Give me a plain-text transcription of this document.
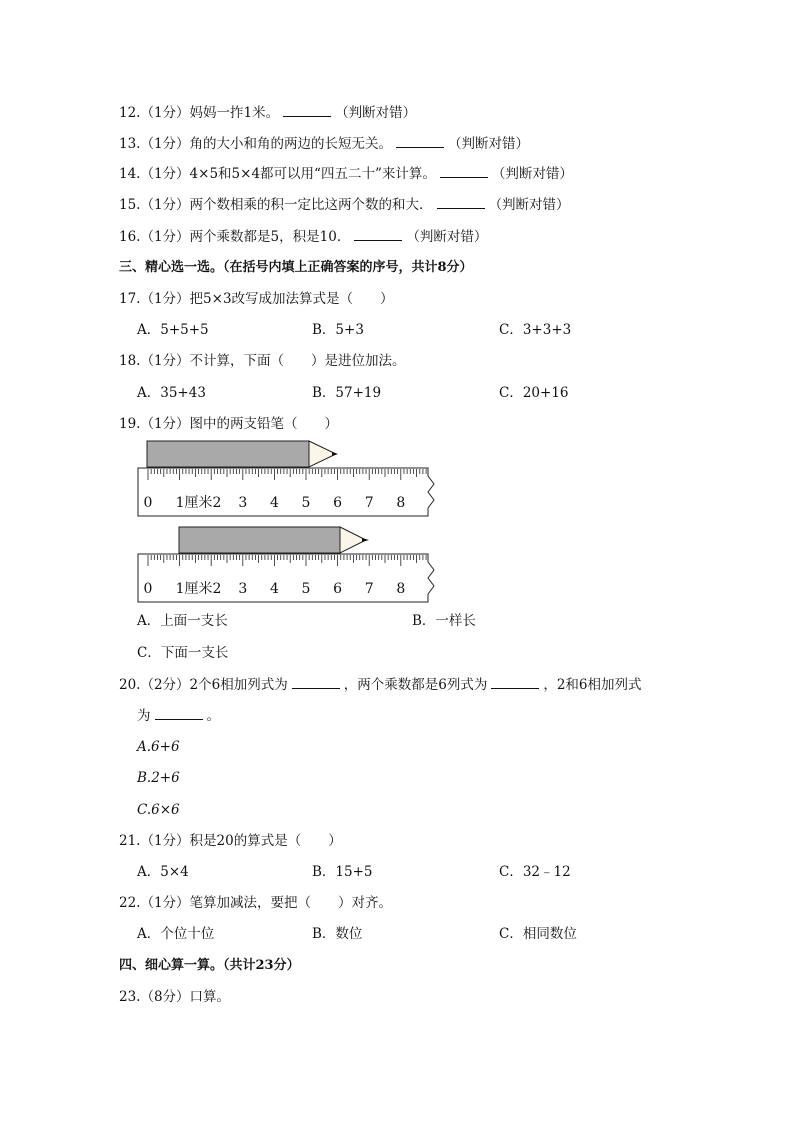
12.（1分）妈妈一拃1米。	（判断对错）
13.（1分）角的大小和角的两边的长短无关。	（判断对错）
14.（1分）4×5和5×4都可以用“四五二十”来计算。	（判断对错）
15.（1分）两个数相乘的积一定比这两个数的和大．	（判断对错）
16.（1分）两个乘数都是5，积是10．	（判断对错）
三、精心选一选。（在括号内填上正确答案的序号，共计8分）
17.（1分）把5×3改写成加法算式是（　　）
A．5+5+5	B．5+3	C．3+3+3
18.（1分）不计算，下面（　　）是进位加法。
A．35+43	B．57+19	C．20+16
19.（1分）图中的两支铅笔（　　）
0 1厘米2 3 4 5 6 7 8
0 1厘米2 3 4 5 6 7 8
A．上面一支长	B．一样长
C．下面一支长
20.（2分）2个6相加列式为	，两个乘数都是6列式为	，2和6相加列式
为	。
A.6+6
B.2+6
C.6×6
21.（1分）积是20的算式是（　　）
A．5×4	B．15+5	C．32﹣12
22.（1分）笔算加减法，要把（　　）对齐。
A．个位十位	B．数位	C．相同数位
四、细心算一算。（共计23分）
23.（8分）口算。
